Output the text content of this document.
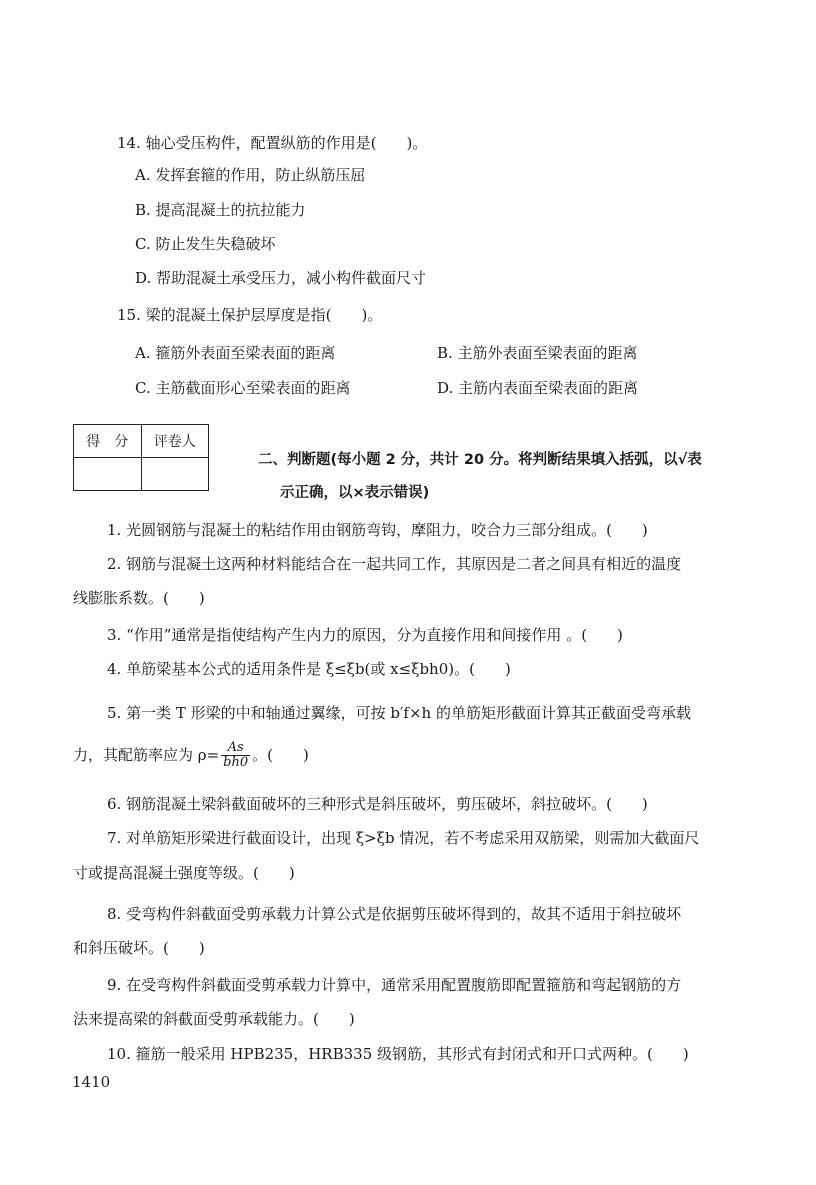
14. 轴心受压构件，配置纵筋的作用是(　　)。
A. 发挥套箍的作用，防止纵筋压屈
B. 提高混凝土的抗拉能力
C. 防止发生失稳破坏
D. 帮助混凝土承受压力，减小构件截面尺寸
15. 梁的混凝土保护层厚度是指(　　)。
A. 箍筋外表面至梁表面的距离	B. 主筋外表面至梁表面的距离
C. 主筋截面形心至梁表面的距离	D. 主筋内表面至梁表面的距离
得　分	评卷人

二、判断题(每小题 2 分，共计 20 分。将判断结果填入括弧，以√表
示正确，以×表示错误)
1. 光圆钢筋与混凝土的粘结作用由钢筋弯钩，摩阻力，咬合力三部分组成。(　　)
2. 钢筋与混凝土这两种材料能结合在一起共同工作，其原因是二者之间具有相近的温度
线膨胀系数。(　　)
3. “作用”通常是指使结构产生内力的原因，分为直接作用和间接作用 。(　　)
4. 单筋梁基本公式的适用条件是 ξ≤ξb(或 x≤ξbh0)。(　　)
5. 第一类 T 形梁的中和轴通过翼缘，可按 b′f×h 的单筋矩形截面计算其正截面受弯承载
力，其配筋率应为 $\rho= \frac{As}{bh0}$ 。(　　)
6. 钢筋混凝土梁斜截面破坏的三种形式是斜压破坏，剪压破坏，斜拉破坏。(　　)
7. 对单筋矩形梁进行截面设计，出现 ξ>ξb 情况，若不考虑采用双筋梁，则需加大截面尺
寸或提高混凝土强度等级。(　　)
8. 受弯构件斜截面受剪承载力计算公式是依据剪压破坏得到的，故其不适用于斜拉破坏
和斜压破坏。(　　)
9. 在受弯构件斜截面受剪承载力计算中，通常采用配置腹筋即配置箍筋和弯起钢筋的方
法来提高梁的斜截面受剪承载能力。(　　)
10. 箍筋一般采用 HPB235，HRB335 级钢筋，其形式有封闭式和开口式两种。(　　)
1410
